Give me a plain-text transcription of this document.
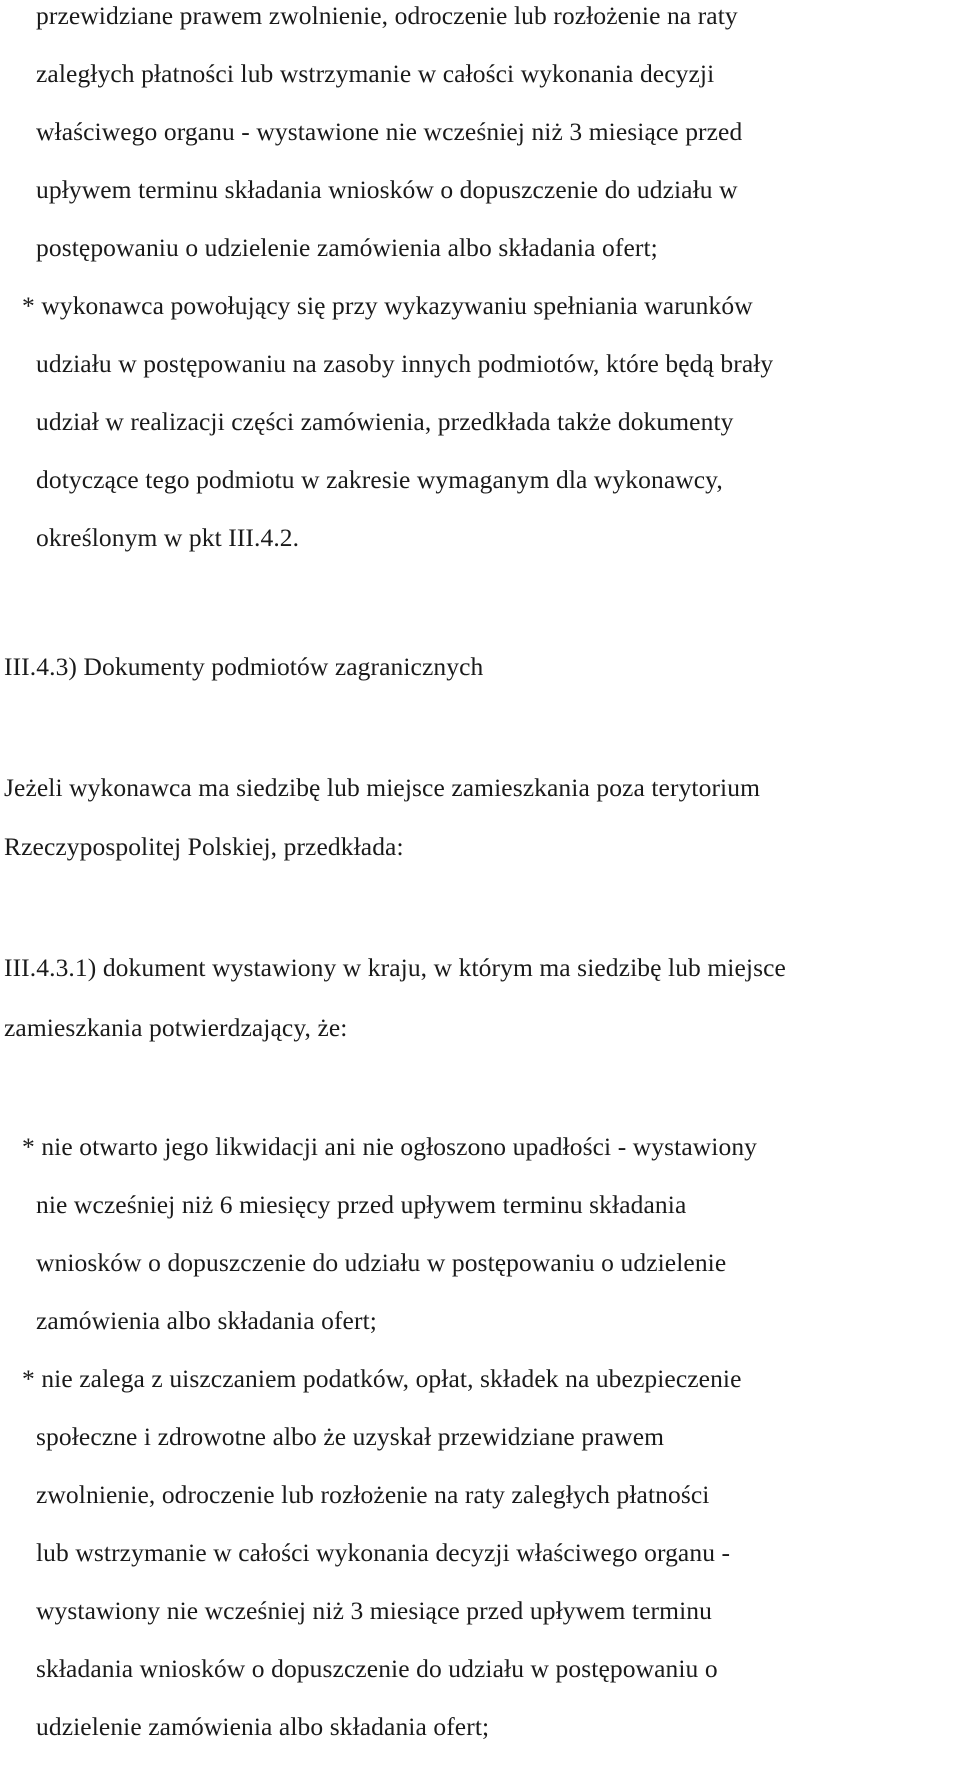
przewidziane prawem zwolnienie, odroczenie lub rozłożenie na raty
zaległych płatności lub wstrzymanie w całości wykonania decyzji
właściwego organu - wystawione nie wcześniej niż 3 miesiące przed
upływem terminu składania wniosków o dopuszczenie do udziału w
postępowaniu o udzielenie zamówienia albo składania ofert;
* wykonawca powołujący się przy wykazywaniu spełniania warunków
udziału w postępowaniu na zasoby innych podmiotów, które będą brały
udział w realizacji części zamówienia, przedkłada także dokumenty
dotyczące tego podmiotu w zakresie wymaganym dla wykonawcy,
określonym w pkt III.4.2.
III.4.3) Dokumenty podmiotów zagranicznych
Jeżeli wykonawca ma siedzibę lub miejsce zamieszkania poza terytorium
Rzeczypospolitej Polskiej, przedkłada:
III.4.3.1) dokument wystawiony w kraju, w którym ma siedzibę lub miejsce
zamieszkania potwierdzający, że:
* nie otwarto jego likwidacji ani nie ogłoszono upadłości - wystawiony
nie wcześniej niż 6 miesięcy przed upływem terminu składania
wniosków o dopuszczenie do udziału w postępowaniu o udzielenie
zamówienia albo składania ofert;
* nie zalega z uiszczaniem podatków, opłat, składek na ubezpieczenie
społeczne i zdrowotne albo że uzyskał przewidziane prawem
zwolnienie, odroczenie lub rozłożenie na raty zaległych płatności
lub wstrzymanie w całości wykonania decyzji właściwego organu -
wystawiony nie wcześniej niż 3 miesiące przed upływem terminu
składania wniosków o dopuszczenie do udziału w postępowaniu o
udzielenie zamówienia albo składania ofert;
